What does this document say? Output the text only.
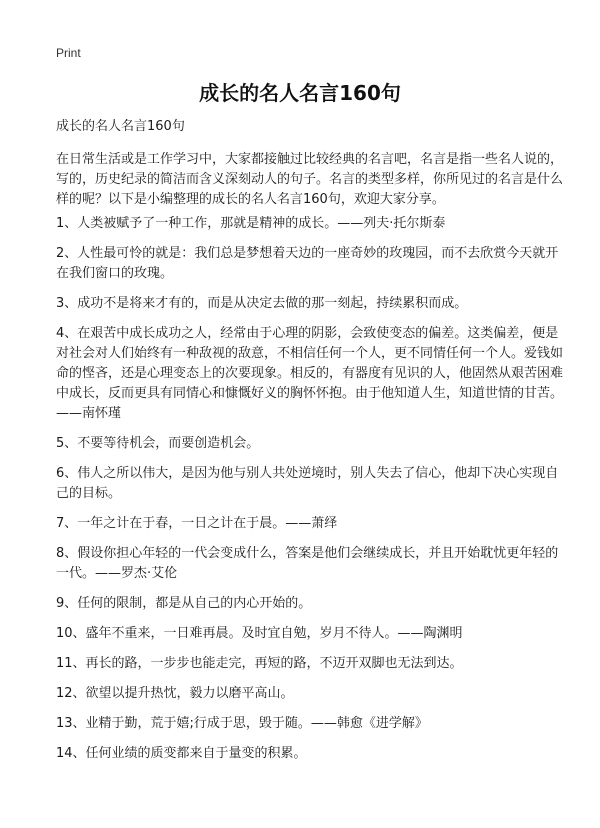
Print
成长的名人名言160句
成长的名人名言160句

在日常生活或是工作学习中，大家都接触过比较经典的名言吧，名言是指一些名人说的，写的，历史纪录的简洁而含义深刻动人的句子。名言的类型多样，你所见过的名言是什么样的呢？以下是小编整理的成长的名人名言160句，欢迎大家分享。

1、人类被赋予了一种工作，那就是精神的成长。——列夫·托尔斯泰
2、人性最可怜的就是：我们总是梦想着天边的一座奇妙的玫瑰园，而不去欣赏今天就开在我们窗口的玫瑰。
3、成功不是将来才有的，而是从决定去做的那一刻起，持续累积而成。
4、在艰苦中成长成功之人，经常由于心理的阴影，会致使变态的偏差。这类偏差，便是对社会对人们始终有一种敌视的敌意，不相信任何一个人，更不同情任何一个人。爱钱如命的悭吝，还是心理变态上的次要现象。相反的，有器度有见识的人，他固然从艰苦困难中成长，反而更具有同情心和慷慨好义的胸怀怀抱。由于他知道人生，知道世情的甘苦。——南怀瑾
5、不要等待机会，而要创造机会。
6、伟人之所以伟大，是因为他与别人共处逆境时，别人失去了信心，他却下决心实现自己的目标。
7、一年之计在于春，一日之计在于晨。——萧绎
8、假设你担心年轻的一代会变成什么，答案是他们会继续成长，并且开始耽忧更年轻的一代。——罗杰·艾伦
9、任何的限制，都是从自己的内心开始的。
10、盛年不重来，一日难再晨。及时宜自勉，岁月不待人。——陶渊明
11、再长的路，一步步也能走完，再短的路，不迈开双脚也无法到达。
12、欲望以提升热忱，毅力以磨平高山。
13、业精于勤，荒于嬉;行成于思，毁于随。——韩愈《进学解》
14、任何业绩的质变都来自于量变的积累。
